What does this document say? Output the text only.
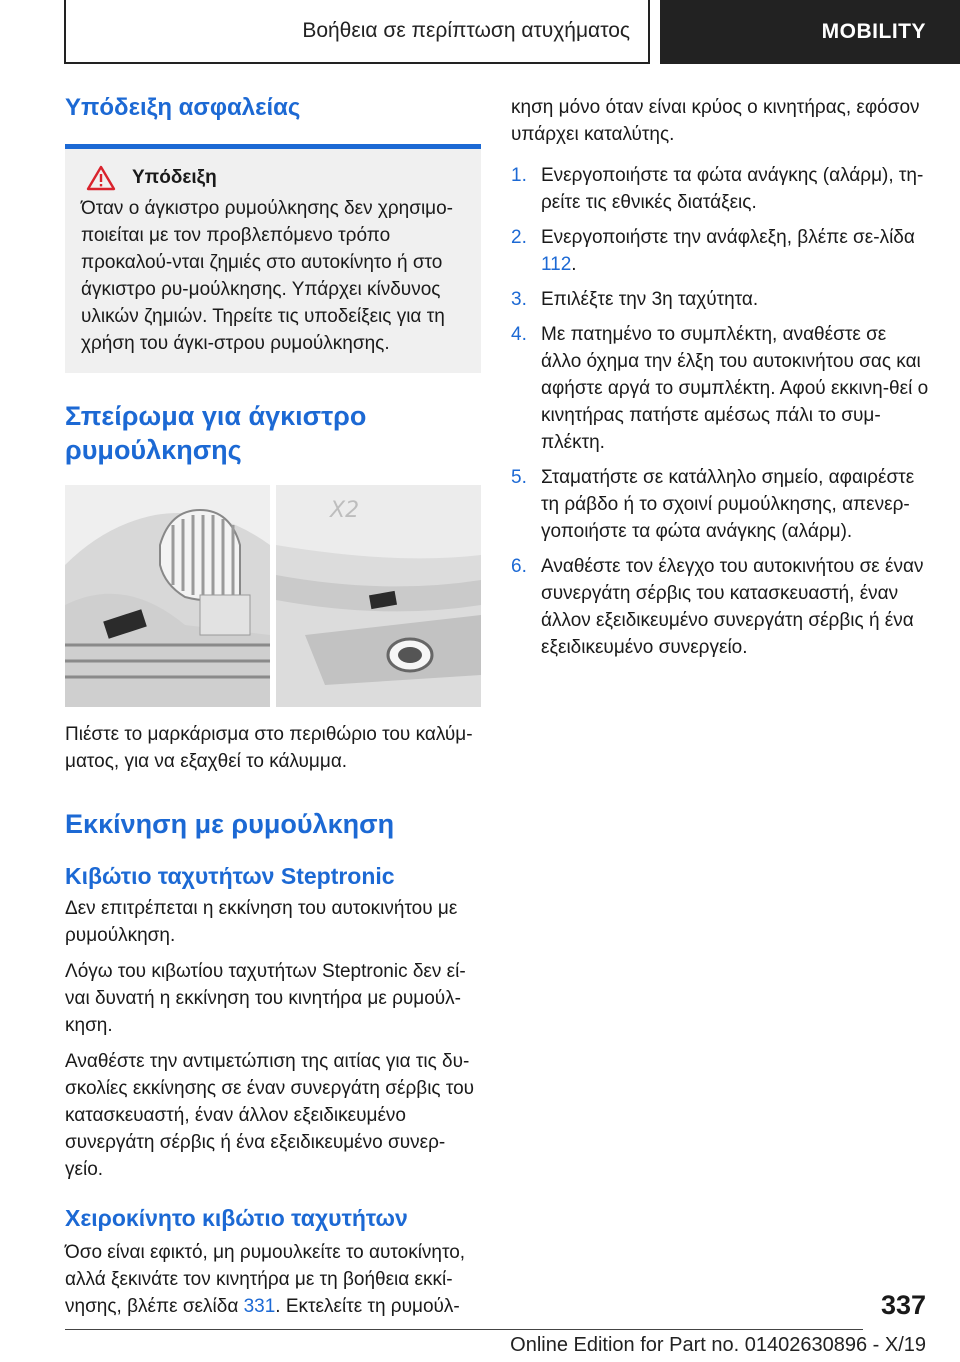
Βοήθεια σε περίπτωση ατυχήματος	MOBILITY
Υπόδειξη ασφαλείας
Υπόδειξη

Όταν ο άγκιστρο ρυμούλκησης δεν χρησιμο-ποιείται με τον προβλεπόμενο τρόπο προκαλού-νται ζημιές στο αυτοκίνητο ή στο άγκιστρο ρυ-μούλκησης. Υπάρχει κίνδυνος υλικών ζημιών. Τηρείτε τις υποδείξεις για τη χρήση του άγκι-στρου ρυμούλκησης.

Σπείρωμα για άγκιστρο ρυμούλκησης
X2

Πιέστε το μαρκάρισμα στο περιθώριο του καλύμ-ματος, για να εξαχθεί το κάλυμμα.

Εκκίνηση με ρυμούλκηση
Κιβώτιο ταχυτήτων Steptronic

Δεν επιτρέπεται η εκκίνηση του αυτοκινήτου με ρυμούλκηση.

Λόγω του κιβωτίου ταχυτήτων Steptronic δεν εί-ναι δυνατή η εκκίνηση του κινητήρα με ρυμούλ-κηση.

Αναθέστε την αντιμετώπιση της αιτίας για τις δυ-σκολίες εκκίνησης σε έναν συνεργάτη σέρβις του κατασκευαστή, έναν άλλον εξειδικευμένο συνεργάτη σέρβις ή ένα εξειδικευμένο συνερ-γείο.

Χειροκίνητο κιβώτιο ταχυτήτων

Όσο είναι εφικτό, μη ρυμουλκείτε το αυτοκίνητο, αλλά ξεκινάτε τον κινητήρα με τη βοήθεια εκκί-νησης, βλέπε σελίδα 331. Εκτελείτε τη ρυμούλ-

κηση μόνο όταν είναι κρύος ο κινητήρας, εφόσον υπάρχει καταλύτης.

1. Ενεργοποιήστε τα φώτα ανάγκης (αλάρμ), τη-ρείτε τις εθνικές διατάξεις.
2. Ενεργοποιήστε την ανάφλεξη, βλέπε σε-λίδα 112.
3. Επιλέξτε την 3η ταχύτητα.
4. Με πατημένο το συμπλέκτη, αναθέστε σε άλλο όχημα την έλξη του αυτοκινήτου σας και αφήστε αργά το συμπλέκτη. Αφού εκκινη-θεί ο κινητήρας πατήστε αμέσως πάλι το συμ-πλέκτη.
5. Σταματήστε σε κατάλληλο σημείο, αφαιρέστε τη ράβδο ή το σχοινί ρυμούλκησης, απενερ-γοποιήστε τα φώτα ανάγκης (αλάρμ).
6. Αναθέστε τον έλεγχο του αυτοκινήτου σε έναν συνεργάτη σέρβις του κατασκευαστή, έναν άλλον εξειδικευμένο συνεργάτη σέρβις ή ένα εξειδικευμένο συνεργείο.
337
Online Edition for Part no. 01402630896 - X/19
